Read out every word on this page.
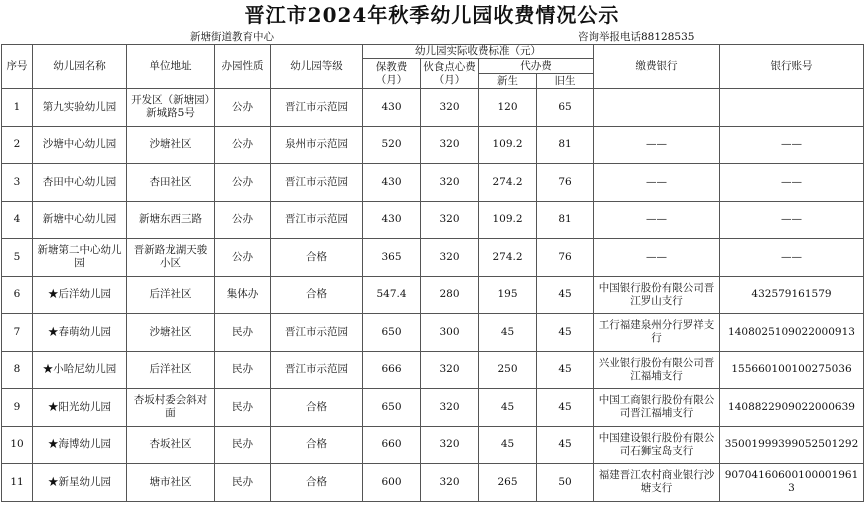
晋江市2024年秋季幼儿园收费情况公示
新塘街道教育中心	咨询举报电话88128535
序号	幼儿园名称	单位地址	办园性质	幼儿园等级	幼儿园实际收费标准（元）				缴费银行	银行账号
					保教费（月）	伙食点心费（月）	代办费			
							新生	旧生		
1	第九实验幼儿园	开发区（新塘园）新城路5号	公办	晋江市示范园	430	320	120	65		
2	沙塘中心幼儿园	沙塘社区	公办	泉州市示范园	520	320	109.2	81	——	——
3	杏田中心幼儿园	杏田社区	公办	晋江市示范园	430	320	274.2	76	——	——
4	新塘中心幼儿园	新塘东西三路	公办	晋江市示范园	430	320	109.2	81	——	——
5	新塘第二中心幼儿园	晋新路龙湖天骏小区	公办	合格	365	320	274.2	76	——	——
6	★后洋幼儿园	后洋社区	集体办	合格	547.4	280	195	45	中国银行股份有限公司晋江罗山支行	432579161579
7	★春萌幼儿园	沙塘社区	民办	晋江市示范园	650	300	45	45	工行福建泉州分行罗祥支行	1408025109022000913
8	★小哈尼幼儿园	后洋社区	民办	晋江市示范园	666	320	250	45	兴业银行股份有限公司晋江福埔支行	155660100100275036
9	★阳光幼儿园	杏坂村委会斜对面	民办	合格	650	320	45	45	中国工商银行股份有限公司晋江福埔支行	1408822909022000639
10	★海博幼儿园	杏坂社区	民办	合格	660	320	45	45	中国建设银行股份有限公司石狮宝岛支行	35001999399052501292
11	★新星幼儿园	塘市社区	民办	合格	600	320	265	50	福建晋江农村商业银行沙塘支行	907041606001000019613
